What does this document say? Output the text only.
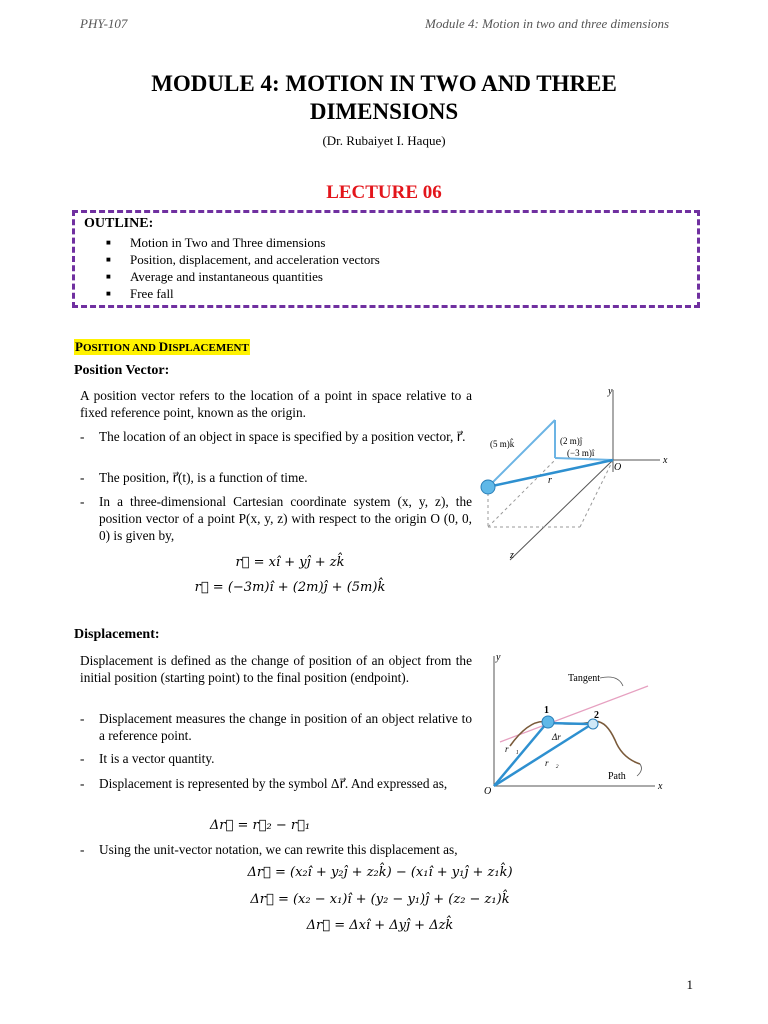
PHY-107	Module 4: Motion in two and three dimensions
MODULE 4: MOTION IN TWO AND THREE
DIMENSIONS
(Dr. Rubaiyet I. Haque)
LECTURE 06
OUTLINE:
■ Motion in Two and Three dimensions
■ Position, displacement, and acceleration vectors
■ Average and instantaneous quantities
■ Free fall
POSITION AND DISPLACEMENT
Position Vector:
A position vector refers to the location of a point in space relative to a fixed reference point, known as the origin.
- The location of an object in space is specified by a position vector, r⃗.
- The position, r⃗(t), is a function of time.
- In a three-dimensional Cartesian coordinate system (x, y, z), the position vector of a point P(x, y, z) with respect to the origin O (0, 0, 0) is given by,
r⃗ = xî + yĵ + zk̂
r⃗ = (−3m)î + (2m)ĵ + (5m)k̂
y
x
z
O
r⃗
(5 m)k̂	(2 m)ĵ
(−3 m)î
Displacement:
Displacement is defined as the change of position of an object from the initial position (starting point) to the final position (endpoint).
- Displacement measures the change in position of an object relative to a reference point.
- It is a vector quantity.
- Displacement is represented by the symbol Δr⃗. And expressed as,
Δr⃗ = r⃗₂ − r⃗₁
- Using the unit-vector notation, we can rewrite this displacement as,
Δr⃗ = (x₂î + y₂ĵ + z₂k̂) − (x₁î + y₁ĵ + z₁k̂)
Δr⃗ = (x₂ − x₁)î + (y₂ − y₁)ĵ + (z₂ − z₁)k̂
Δr⃗ = Δxî + Δyĵ + Δzk̂
y
x
O
Tangent
Path
1	2
r⃗₁
r⃗₂
Δr⃗
1
